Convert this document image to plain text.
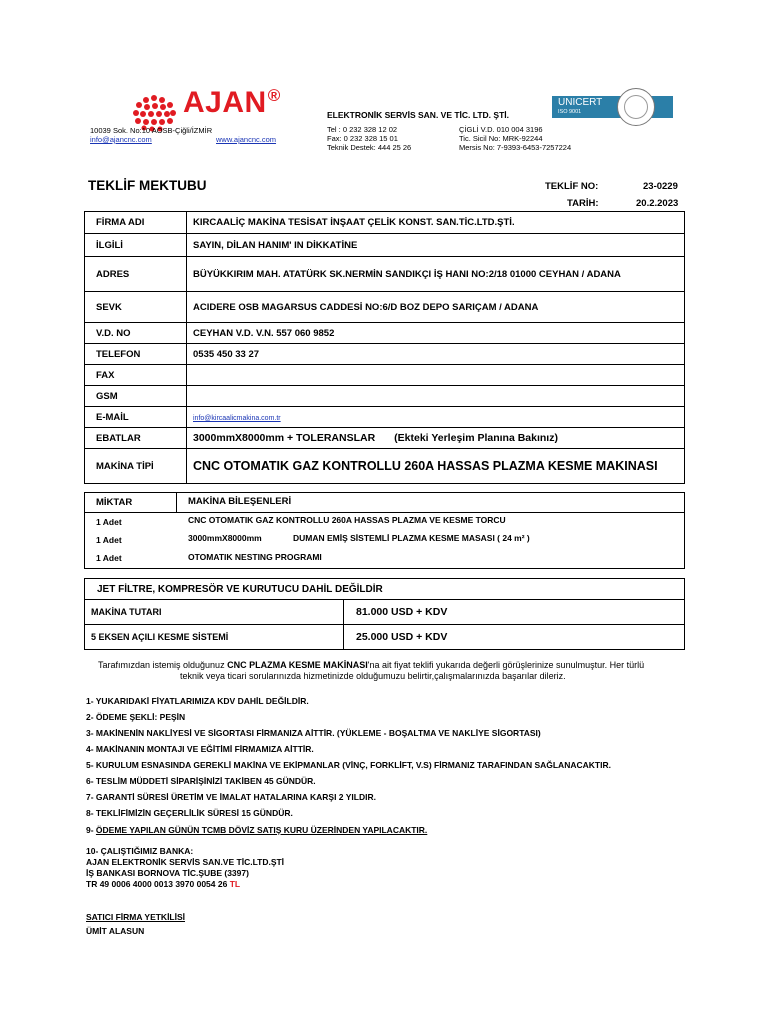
AJAN®
ELEKTRONİK SERVİS SAN. VE TİC. LTD. ŞTİ.
10039 Sok. No:10 AOSB-Çiğli/İZMİR
info@ajancnc.com	www.ajancnc.com
Tel : 0 232 328 12 02
Fax: 0 232 328 15 01
Teknik Destek: 444 25 26
ÇİGLİ V.D. 010 004 3196
Tic. Sicil No: MRK-92244
Mersis No: 7-9393-6453-7257224
UNICERT
ISO 9001
TEKLİF MEKTUBU	TEKLİF NO:	23-0229
TARİH:	20.2.2023
FİRMA ADI	KIRCAALİÇ MAKİNA TESİSAT İNŞAAT ÇELİK KONST. SAN.TİC.LTD.ŞTİ.
İLGİLİ	SAYIN, DİLAN HANIM' IN DİKKATİNE
ADRES	BÜYÜKKIRIM MAH. ATATÜRK SK.NERMİN SANDIKÇI İŞ HANI NO:2/18 01000 CEYHAN / ADANA
SEVK	ACIDERE OSB MAGARSUS CADDESİ NO:6/D BOZ DEPO SARIÇAM / ADANA
V.D. NO	CEYHAN V.D. V.N. 557 060 9852
TELEFON	0535 450 33 27
FAX	
GSM	
E-MAİL	info@kircaalicmakina.com.tr
EBATLAR	3000mmX8000mm + TOLERANSLAR (Ekteki Yerleşim Planına Bakınız)
MAKİNA TİPİ	CNC OTOMATIK GAZ KONTROLLU 260A HASSAS PLAZMA KESME MAKINASI
MİKTAR	MAKİNA BİLEŞENLERİ
1 Adet	CNC OTOMATIK GAZ KONTROLLU 260A HASSAS PLAZMA VE KESME TORCU
1 Adet	3000mmX8000mm	DUMAN EMİŞ SİSTEMLİ PLAZMA KESME MASASI ( 24 m² )
1 Adet	OTOMATIK NESTING PROGRAMI
JET FİLTRE, KOMPRESÖR VE KURUTUCU DAHİL DEĞİLDİR	
MAKİNA TUTARI	81.000 USD + KDV
5 EKSEN AÇILI KESME SİSTEMİ	25.000 USD + KDV
Tarafımızdan istemiş olduğunuz CNC PLAZMA KESME MAKİNASI'na ait fiyat teklifi yukarıda değerli görüşlerinize sunulmuştur. Her türlü
teknik veya ticari sorularınızda hizmetinizde olduğumuzu belirtir,çalışmalarınızda başarılar dileriz.
1- YUKARIDAKİ FİYATLARIMIZA KDV DAHİL DEĞİLDİR.
2- ÖDEME ŞEKLİ: PEŞİN
3- MAKİNENİN NAKLİYESİ VE SİGORTASI FİRMANIZA AİTTİR. (YÜKLEME - BOŞALTMA VE NAKLİYE SİGORTASI)
4- MAKİNANIN MONTAJI VE EĞİTİMİ FİRMAMIZA AİTTİR.
5- KURULUM ESNASINDA GEREKLİ MAKİNA VE EKİPMANLAR (VİNÇ, FORKLİFT, V.S) FİRMANIZ TARAFINDAN SAĞLANACAKTIR.
6- TESLİM MÜDDETİ SİPARİŞİNİZİ TAKİBEN 45 GÜNDÜR.
7- GARANTİ SÜRESİ ÜRETİM VE İMALAT HATALARINA KARŞI 2 YILDIR.
8- TEKLİFİMİZİN GEÇERLİLİK SÜRESİ 15 GÜNDÜR.
9- ÖDEME YAPILAN GÜNÜN TCMB DÖVİZ SATIŞ KURU ÜZERİNDEN YAPILACAKTIR.
10- ÇALIŞTIĞIMIZ BANKA:
AJAN ELEKTRONİK SERVİS SAN.VE TİC.LTD.ŞTİ
İŞ BANKASI BORNOVA TİC.ŞUBE (3397)
TR 49 0006 4000 0013 3970 0054 26 TL
SATICI FİRMA YETKİLİSİ
ÜMİT ALASUN
